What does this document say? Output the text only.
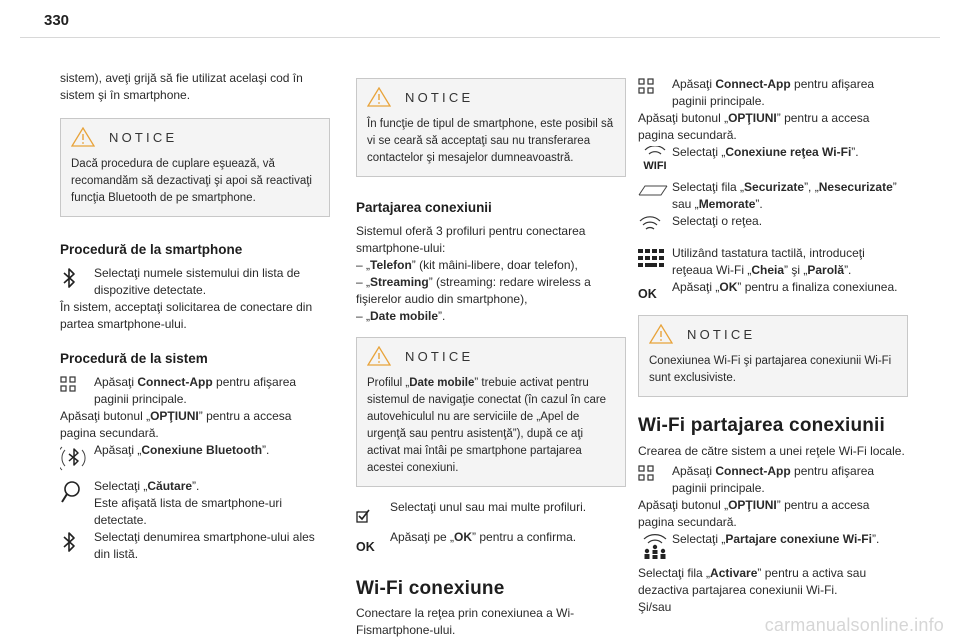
330

sistem), aveţi grijă să fie utilizat acelaşi cod în sistem şi în smartphone.

NOTICE

Dacă procedura de cuplare eşuează, vă recomandăm să dezactivaţi şi apoi să reactivaţi funcţia Bluetooth de pe smartphone.

Procedură de la smartphone
Selectaţi numele sistemului din lista de dispozitive detectate.

În sistem, acceptaţi solicitarea de conectare din partea smartphone-ului.

Procedură de la sistem
Apăsaţi Connect-App pentru afişarea paginii principale.

Apăsaţi butonul „OPŢIUNI” pentru a accesa pagina secundară.

Apăsaţi „Conexiune Bluetooth”.
Selectaţi „Căutare”.
Este afişată lista de smartphone-uri detectate.
Selectaţi denumirea smartphone-ului ales din listă.
NOTICE

În funcţie de tipul de smartphone, este posibil să vi se ceară să acceptaţi sau nu transferarea contactelor şi mesajelor dumneavoastră.

Partajarea conexiunii

Sistemul oferă 3 profiluri pentru conectarea smartphone-ului:

– „Telefon” (kit mâini-libere, doar telefon),

– „Streaming” (streaming: redare wireless a fişierelor audio din smartphone),

– „Date mobile”.

NOTICE

Profilul „Date mobile” trebuie activat pentru sistemul de navigaţie conectat (în cazul în care autovehiculul nu are serviciile de „Apel de urgenţă sau pentru asistenţă”), după ce aţi activat mai întâi pe smartphone partajarea acestei conexiuni.

Selectaţi unul sau mai multe profiluri.
OK
Apăsaţi pe „OK” pentru a confirma.
Wi-Fi conexiune

Conectare la reţea prin conexiunea a Wi-Fismartphone-ului.

Apăsaţi Connect-App pentru afişarea paginii principale.

Apăsaţi butonul „OPŢIUNI” pentru a accesa pagina secundară.

WIFI
Selectaţi „Conexiune reţea Wi-Fi”.
Selectaţi fila „Securizate”, „Nesecurizate” sau „Memorate”.
Selectaţi o reţea.
Utilizând tastatura tactilă, introduceţi reţeaua Wi-Fi „Cheia” şi „Parolă”.
OK	Apăsaţi „OK” pentru a finaliza conexiunea.
NOTICE

Conexiunea Wi-Fi şi partajarea conexiunii Wi-Fi sunt exclusiviste.

Wi-Fi partajarea conexiunii

Crearea de către sistem a unei reţele Wi-Fi locale.

Apăsaţi Connect-App pentru afişarea paginii principale.

Apăsaţi butonul „OPŢIUNI” pentru a accesa pagina secundară.

Selectaţi „Partajare conexiune Wi-Fi”.

Selectaţi fila „Activare” pentru a activa sau dezactiva partajarea conexiunii Wi-Fi.

Şi/sau

carmanualsonline.info
